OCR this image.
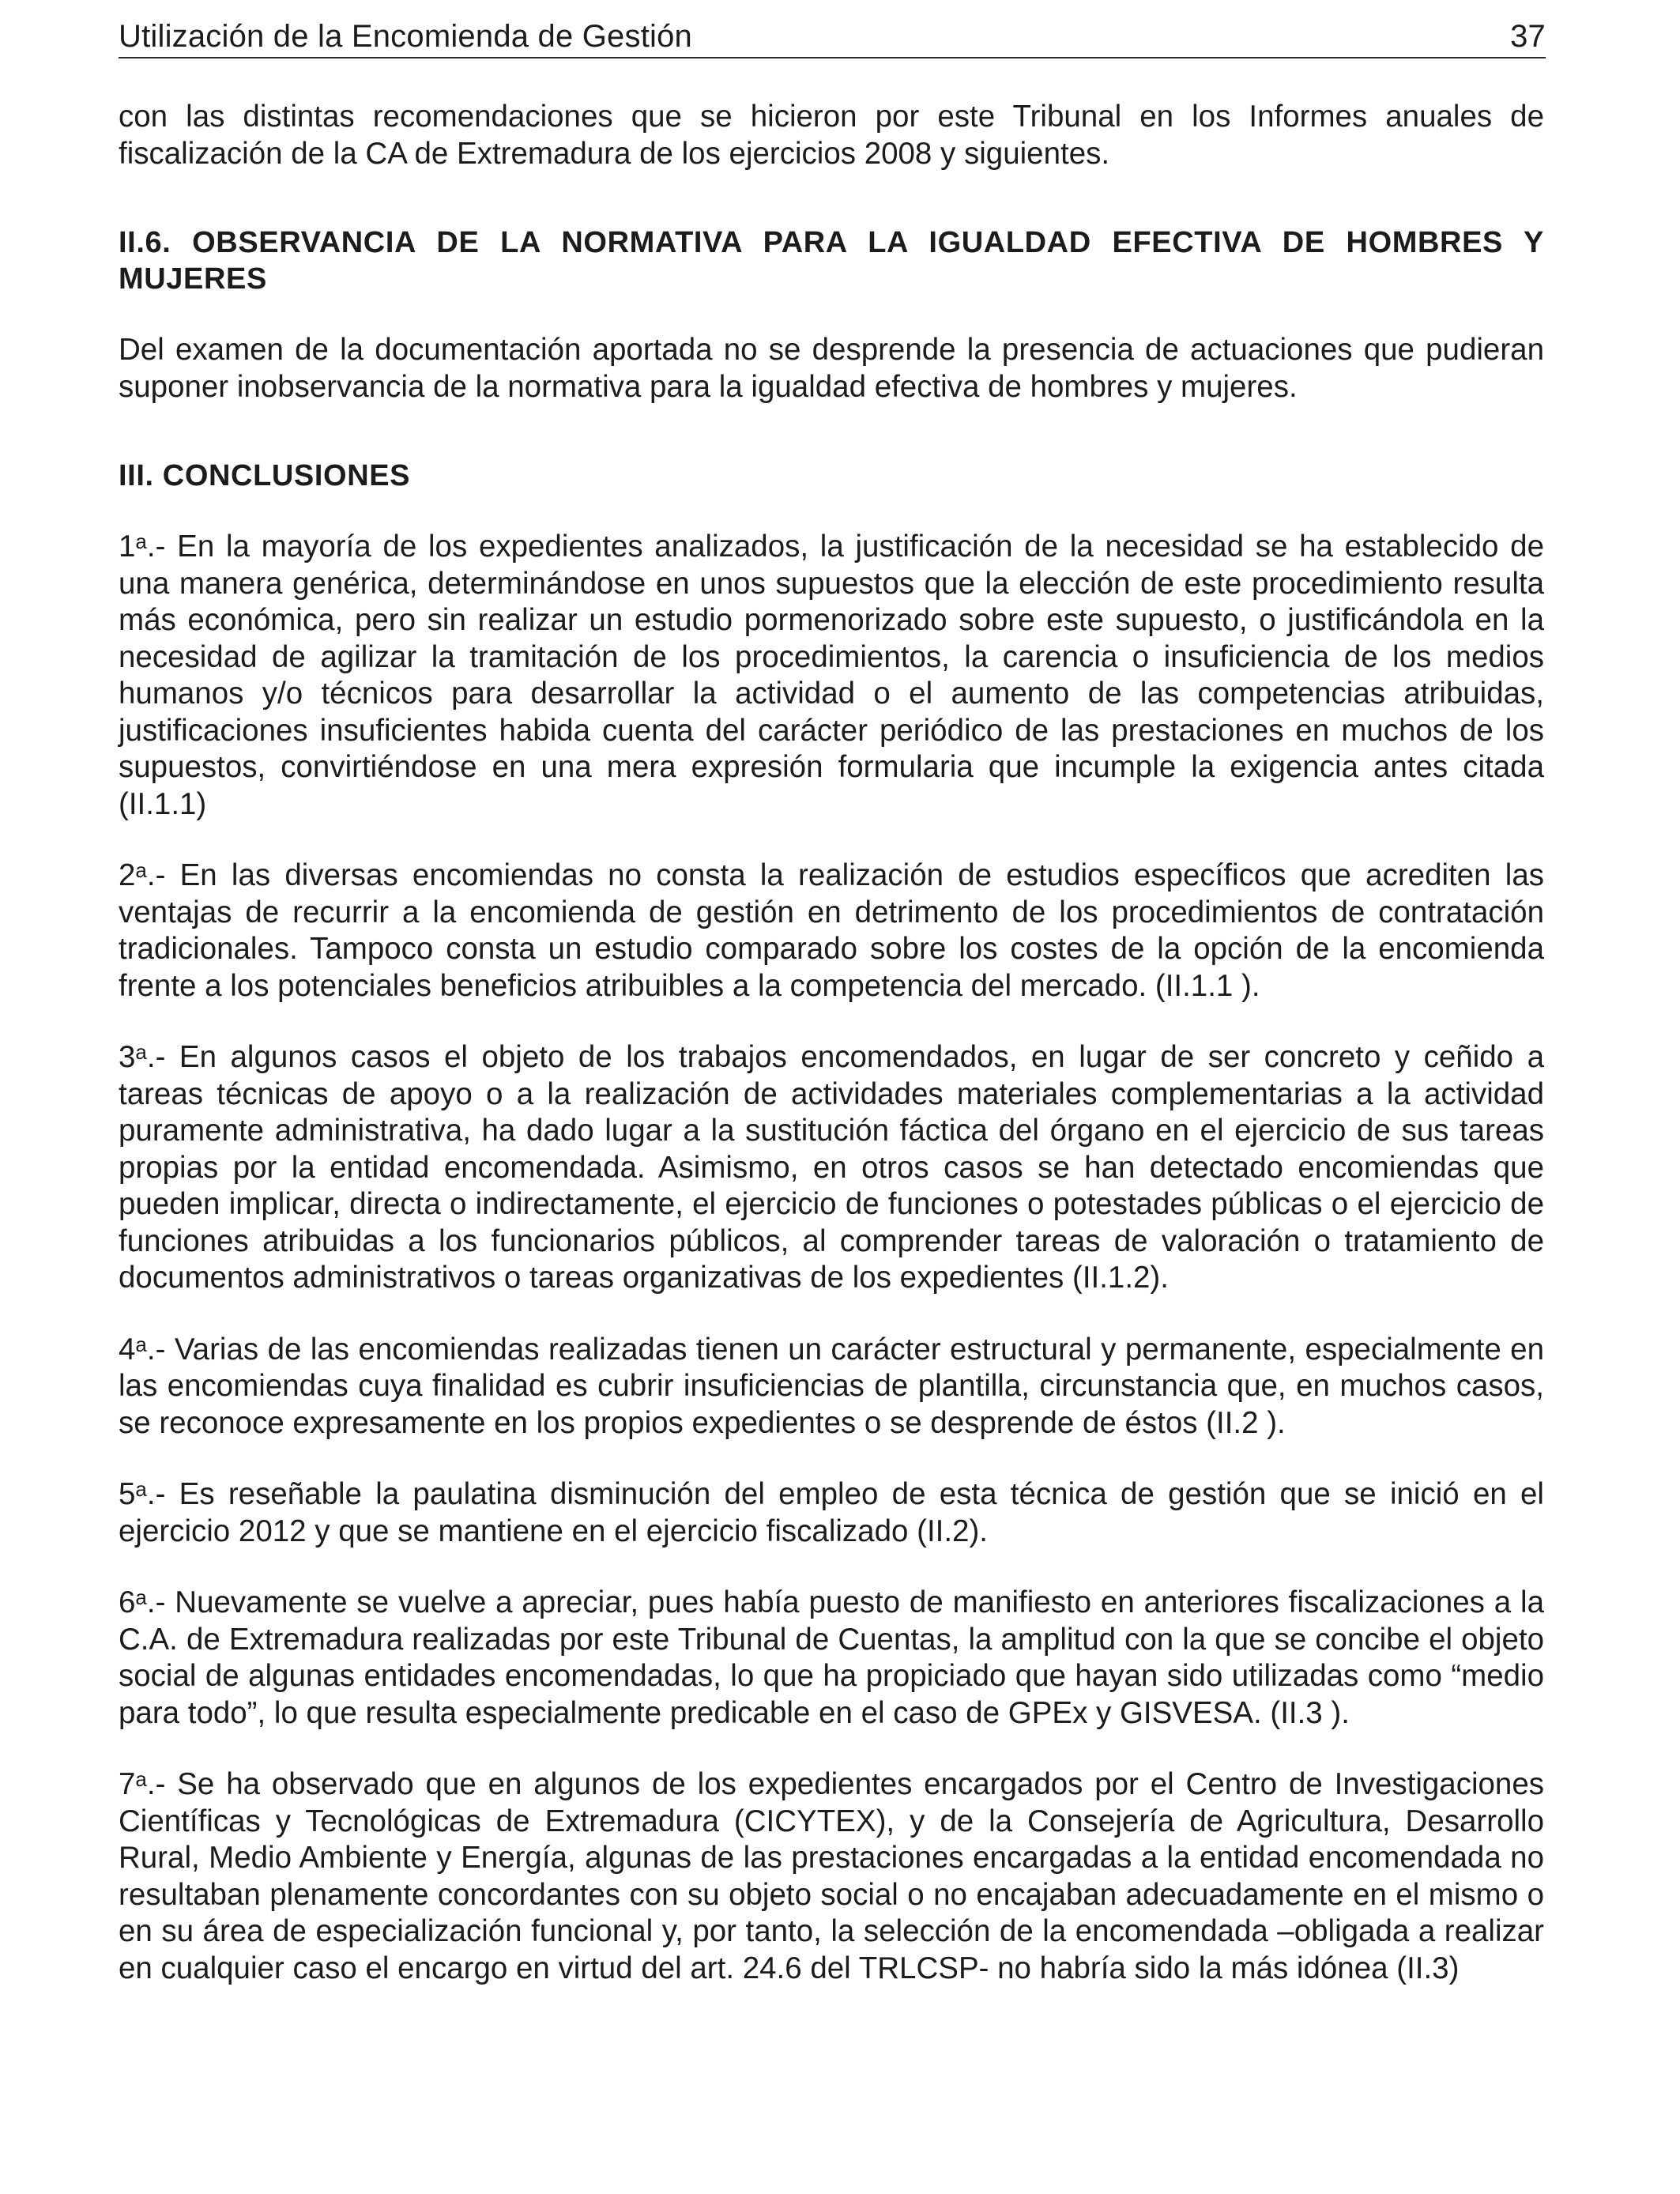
Utilización de la Encomienda de Gestión	37

con las distintas recomendaciones que se hicieron por este Tribunal en los Informes anuales de fiscalización de la CA de Extremadura de los ejercicios 2008 y siguientes.

II.6. OBSERVANCIA DE LA NORMATIVA PARA LA IGUALDAD EFECTIVA DE HOMBRES Y MUJERES

Del examen de la documentación aportada no se desprende la presencia de actuaciones que pudieran suponer inobservancia de la normativa para la igualdad efectiva de hombres y mujeres.

III. CONCLUSIONES

1$^a$.- En la mayoría de los expedientes analizados, la justificación de la necesidad se ha establecido de una manera genérica, determinándose en unos supuestos que la elección de este procedimiento resulta más económica, pero sin realizar un estudio pormenorizado sobre este supuesto, o justificándola en la necesidad de agilizar la tramitación de los procedimientos, la carencia o insuficiencia de los medios humanos y/o técnicos para desarrollar la actividad o el aumento de las competencias atribuidas, justificaciones insuficientes habida cuenta del carácter periódico de las prestaciones en muchos de los supuestos, convirtiéndose en una mera expresión formularia que incumple la exigencia antes citada (II.1.1)

2$^a$.- En las diversas encomiendas no consta la realización de estudios específicos que acrediten las ventajas de recurrir a la encomienda de gestión en detrimento de los procedimientos de contratación tradicionales. Tampoco consta un estudio comparado sobre los costes de la opción de la encomienda frente a los potenciales beneficios atribuibles a la competencia del mercado. (II.1.1 ).

3$^a$.- En algunos casos el objeto de los trabajos encomendados, en lugar de ser concreto y ceñido a tareas técnicas de apoyo o a la realización de actividades materiales complementarias a la actividad puramente administrativa, ha dado lugar a la sustitución fáctica del órgano en el ejercicio de sus tareas propias por la entidad encomendada. Asimismo, en otros casos se han detectado encomiendas que pueden implicar, directa o indirectamente, el ejercicio de funciones o potestades públicas o el ejercicio de funciones atribuidas a los funcionarios públicos, al comprender tareas de valoración o tratamiento de documentos administrativos o tareas organizativas de los expedientes (II.1.2).

4$^a$.- Varias de las encomiendas realizadas tienen un carácter estructural y permanente, especialmente en las encomiendas cuya finalidad es cubrir insuficiencias de plantilla, circunstancia que, en muchos casos, se reconoce expresamente en los propios expedientes o se desprende de éstos (II.2 ).

5$^a$.- Es reseñable la paulatina disminución del empleo de esta técnica de gestión que se inició en el ejercicio 2012 y que se mantiene en el ejercicio fiscalizado (II.2).

6$^a$.- Nuevamente se vuelve a apreciar, pues había puesto de manifiesto en anteriores fiscalizaciones a la C.A. de Extremadura realizadas por este Tribunal de Cuentas, la amplitud con la que se concibe el objeto social de algunas entidades encomendadas, lo que ha propiciado que hayan sido utilizadas como “medio para todo”, lo que resulta especialmente predicable en el caso de GPEx y GISVESA. (II.3 ).

7$^a$.- Se ha observado que en algunos de los expedientes encargados por el Centro de Investigaciones Científicas y Tecnológicas de Extremadura (CICYTEX), y de la Consejería de Agricultura, Desarrollo Rural, Medio Ambiente y Energía, algunas de las prestaciones encargadas a la entidad encomendada no resultaban plenamente concordantes con su objeto social o no encajaban adecuadamente en el mismo o en su área de especialización funcional y, por tanto, la selección de la encomendada –obligada a realizar en cualquier caso el encargo en virtud del art. 24.6 del TRLCSP- no habría sido la más idónea (II.3)
